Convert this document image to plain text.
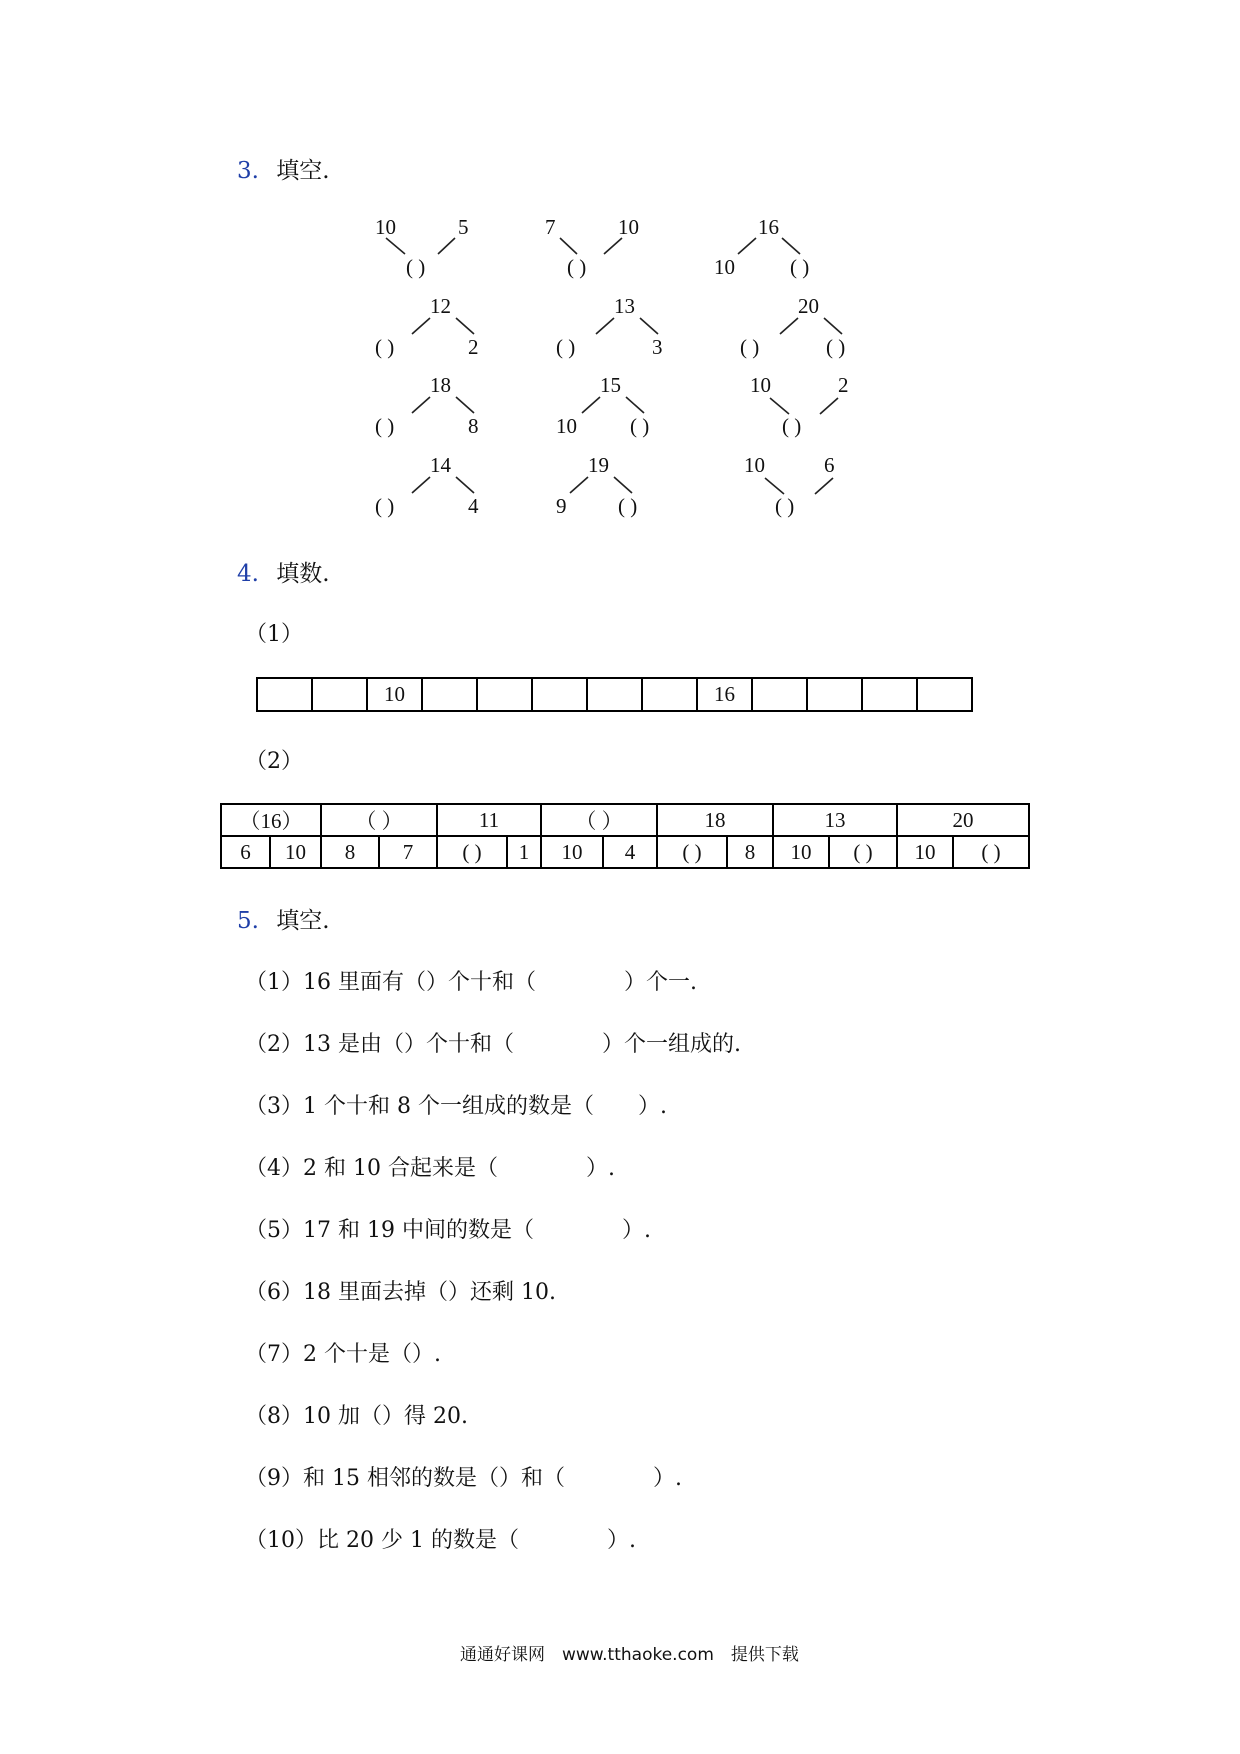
3. 填空.
10	5
( )
7	10
( )
16
10	( )
12
( )	2
13
( )	3
20
( )	( )
18
( )	8
15
10	( )
10	2
( )
14
( )	4
19
9 ( )
10	6
( )
4. 填数.
（1）
		10						16				
（2）
（16）		（ ）		11		（ ）		18		13		20	
6	10	8	7	( )	1	10	4	( )	8	10	( )	10	( )
5. 填空.
（1）16 里面有（）个十和（　　　　）个一.
（2）13 是由（）个十和（　　　　）个一组成的.
（3）1 个十和 8 个一组成的数是（　　）.
（4）2 和 10 合起来是（　　　　）.
（5）17 和 19 中间的数是（　　　　）.
（6）18 里面去掉（）还剩 10.
（7）2 个十是（）.
（8）10 加（）得 20.
（9）和 15 相邻的数是（）和（　　　　）.
（10）比 20 少 1 的数是（　　　　）.
通通好课网　www.tthaoke.com　提供下载
